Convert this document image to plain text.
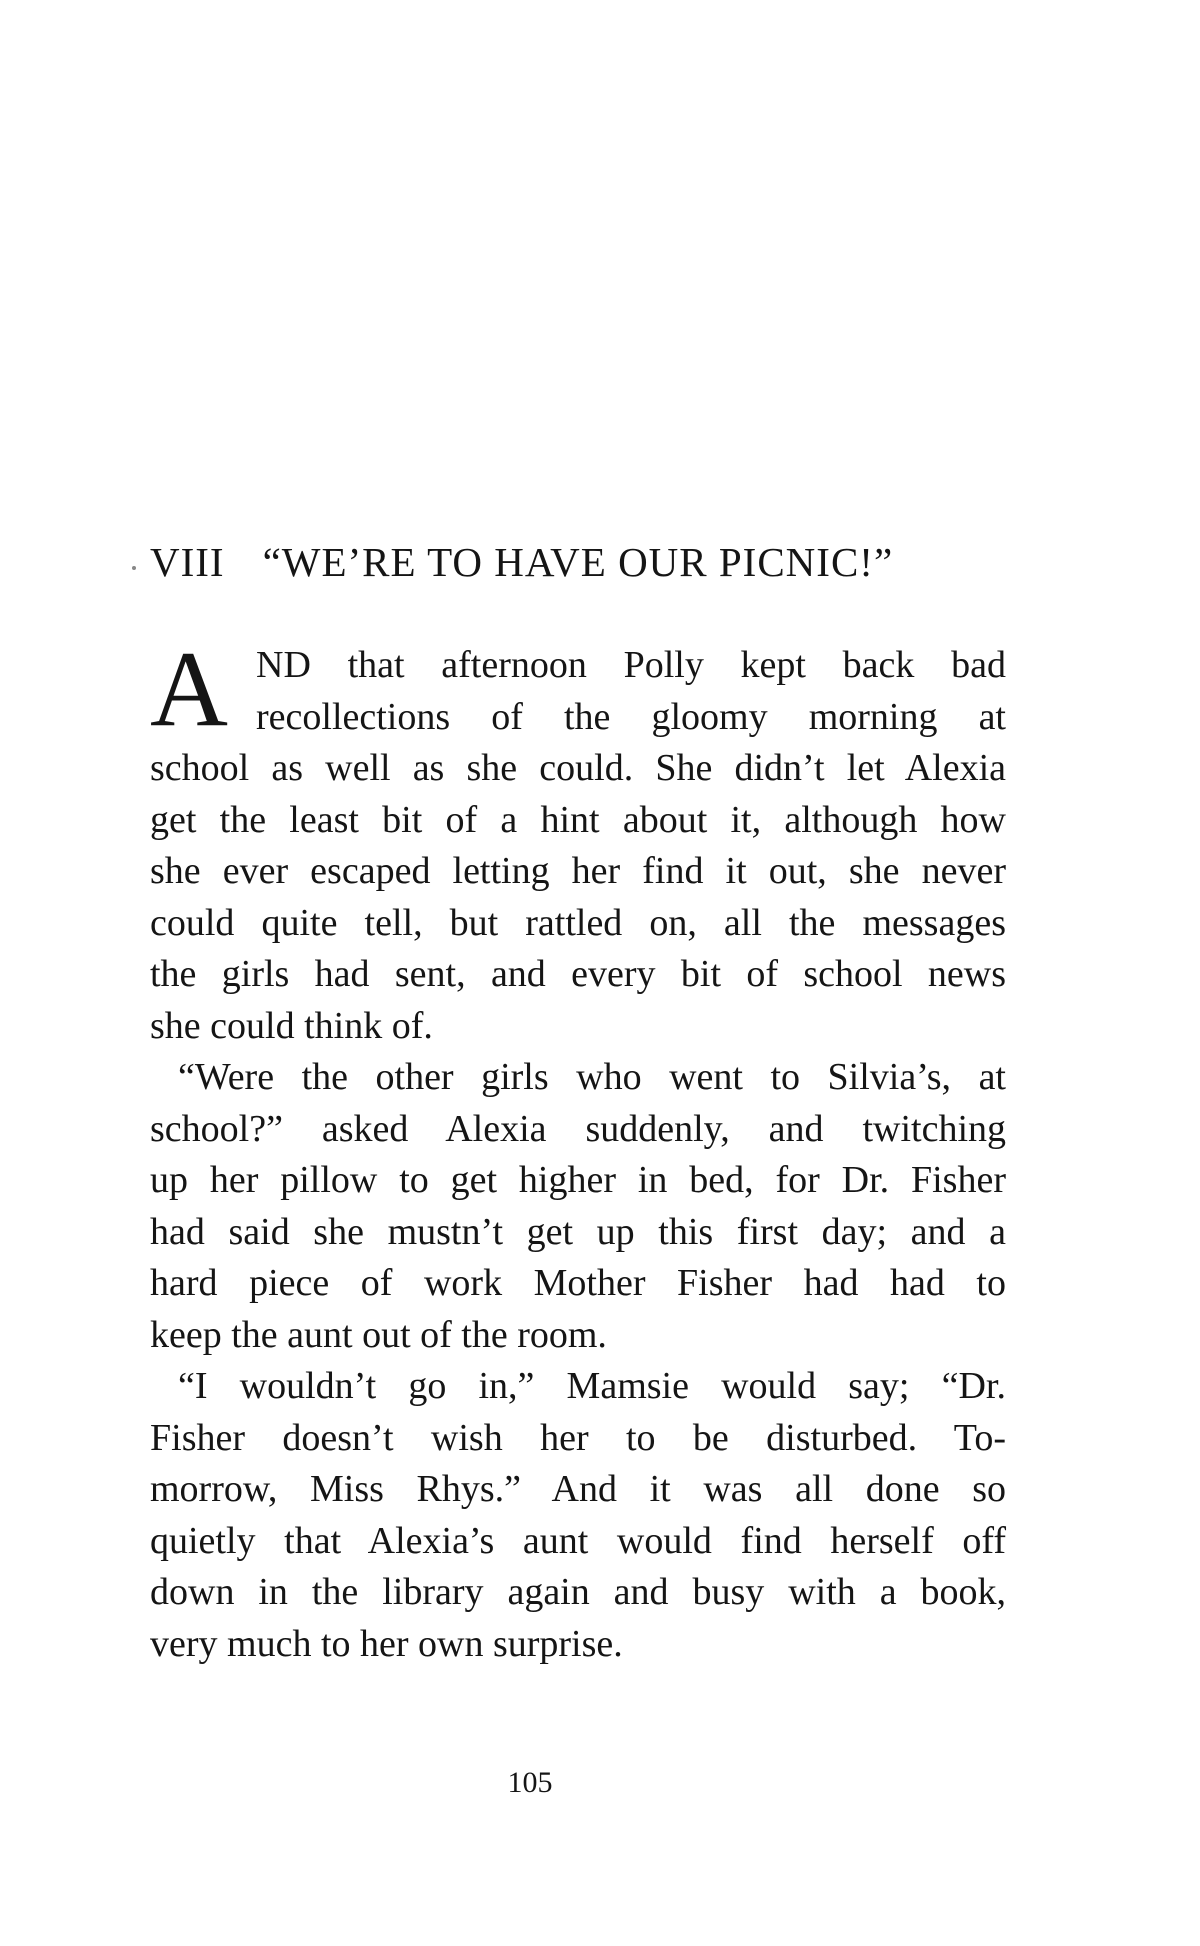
VIII “WE’RE TO HAVE OUR PICNIC!”
A ND that afternoon Polly kept back bad
recollections of the gloomy morning at
school as well as she could. She didn’t let Alexia
get the least bit of a hint about it, although how
she ever escaped letting her find it out, she never
could quite tell, but rattled on, all the messages
the girls had sent, and every bit of school news
she could think of.
“Were the other girls who went to Silvia’s, at
school?” asked Alexia suddenly, and twitching
up her pillow to get higher in bed, for Dr. Fisher
had said she mustn’t get up this first day; and a
hard piece of work Mother Fisher had had to
keep the aunt out of the room.
“I wouldn’t go in,” Mamsie would say; “Dr.
Fisher doesn’t wish her to be disturbed. To-
morrow, Miss Rhys.” And it was all done so
quietly that Alexia’s aunt would find herself off
down in the library again and busy with a book,
very much to her own surprise.
105
